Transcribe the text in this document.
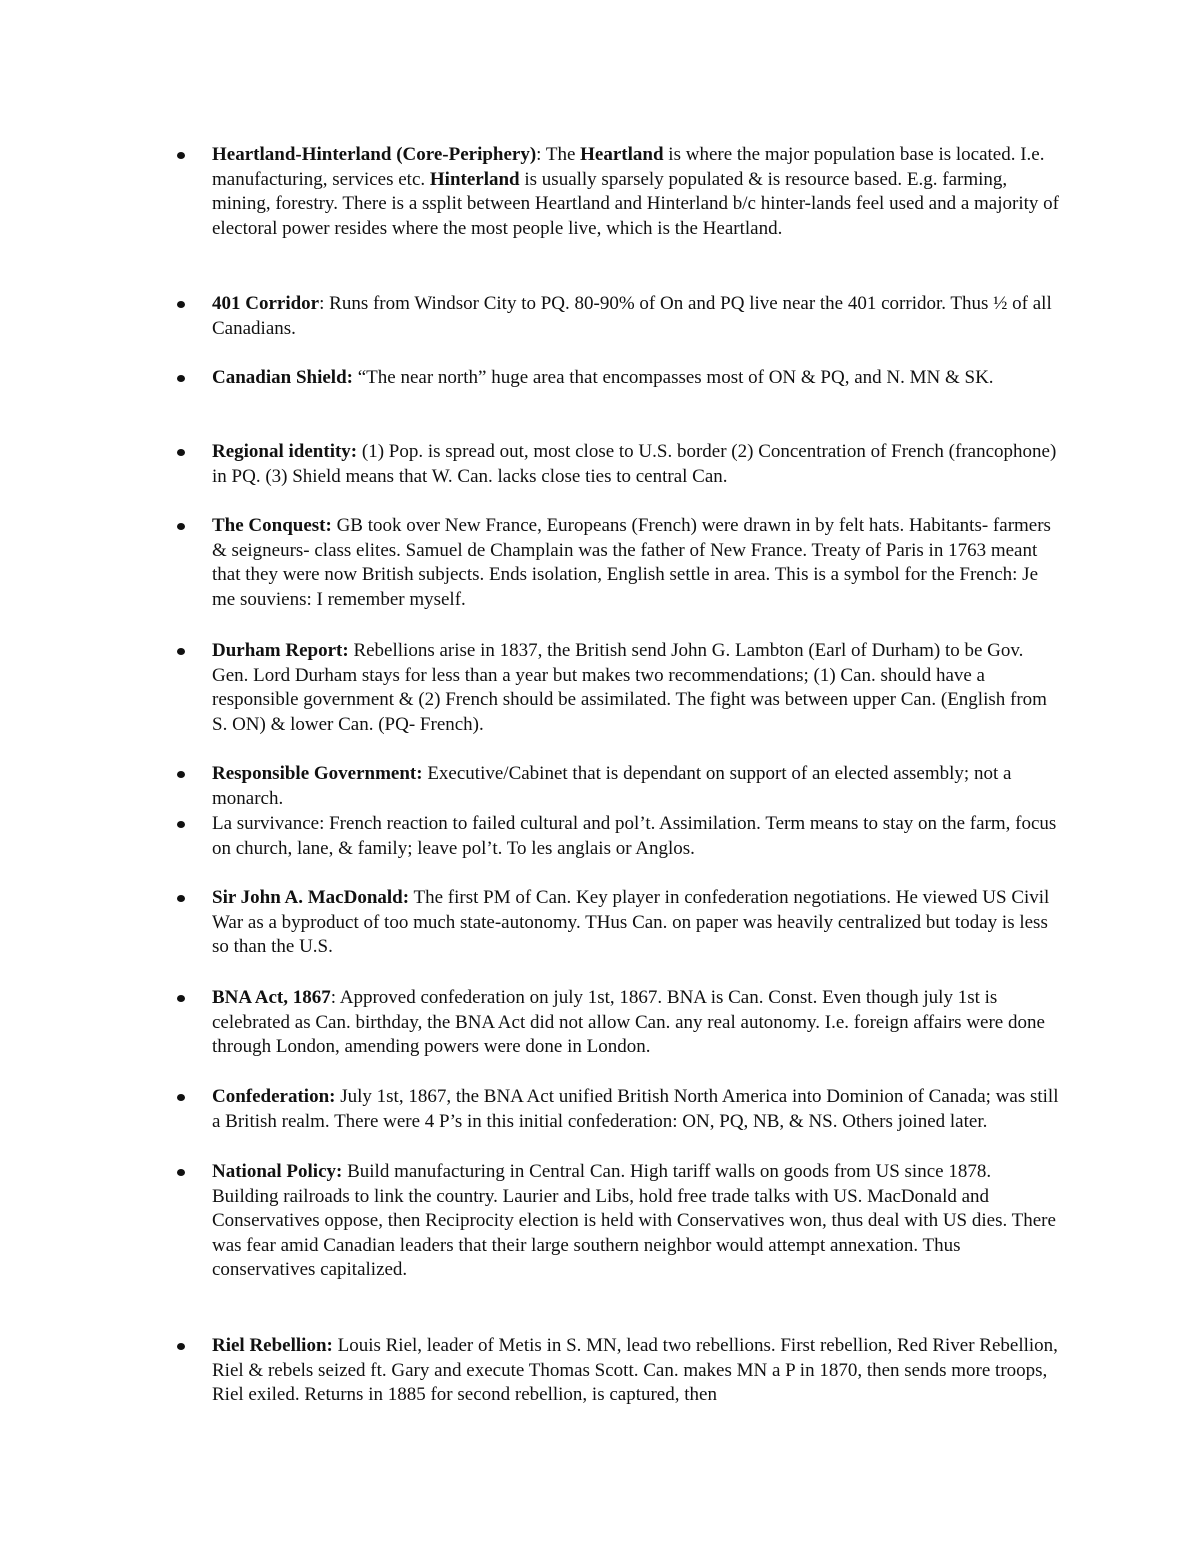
Heartland-Hinterland (Core-Periphery): The Heartland is where the major population base is located. I.e. manufacturing, services etc. Hinterland is usually sparsely populated & is resource based. E.g. farming, mining, forestry. There is a ssplit between Heartland and Hinterland b/c hinter-lands feel used and a majority of electoral power resides where the most people live, which is the Heartland.
401 Corridor: Runs from Windsor City to PQ. 80-90% of On and PQ live near the 401 corridor. Thus ½ of all Canadians.
Canadian Shield: “The near north” huge area that encompasses most of ON & PQ, and N. MN & SK.
Regional identity: (1) Pop. is spread out, most close to U.S. border (2) Concentration of French (francophone) in PQ. (3) Shield means that W. Can. lacks close ties to central Can.
The Conquest: GB took over New France, Europeans (French) were drawn in by felt hats. Habitants- farmers & seigneurs- class elites. Samuel de Champlain was the father of New France. Treaty of Paris in 1763 meant that they were now British subjects. Ends isolation, English settle in area. This is a symbol for the French: Je me souviens: I remember myself.
Durham Report: Rebellions arise in 1837, the British send John G. Lambton (Earl of Durham) to be Gov. Gen. Lord Durham stays for less than a year but makes two recommendations; (1) Can. should have a responsible government & (2) French should be assimilated. The fight was between upper Can. (English from S. ON) & lower Can. (PQ- French).
Responsible Government: Executive/Cabinet that is dependant on support of an elected assembly; not a monarch.
La survivance: French reaction to failed cultural and pol’t. Assimilation. Term means to stay on the farm, focus on church, lane, & family; leave pol’t. To les anglais or Anglos.
Sir John A. MacDonald: The first PM of Can. Key player in confederation negotiations. He viewed US Civil War as a byproduct of too much state-autonomy. THus Can. on paper was heavily centralized but today is less so than the U.S.
BNA Act, 1867: Approved confederation on july 1st, 1867. BNA is Can. Const. Even though july 1st is celebrated as Can. birthday, the BNA Act did not allow Can. any real autonomy. I.e. foreign affairs were done through London, amending powers were done in London.
Confederation: July 1st, 1867, the BNA Act unified British North America into Dominion of Canada; was still a British realm. There were 4 P’s in this initial confederation: ON, PQ, NB, & NS. Others joined later.
National Policy: Build manufacturing in Central Can. High tariff walls on goods from US since 1878. Building railroads to link the country. Laurier and Libs, hold free trade talks with US. MacDonald and Conservatives oppose, then Reciprocity election is held with Conservatives won, thus deal with US dies. There was fear amid Canadian leaders that their large southern neighbor would attempt annexation. Thus conservatives capitalized.
Riel Rebellion: Louis Riel, leader of Metis in S. MN, lead two rebellions. First rebellion, Red River Rebellion, Riel & rebels seized ft. Gary and execute Thomas Scott. Can. makes MN a P in 1870, then sends more troops, Riel exiled. Returns in 1885 for second rebellion, is captured, then
